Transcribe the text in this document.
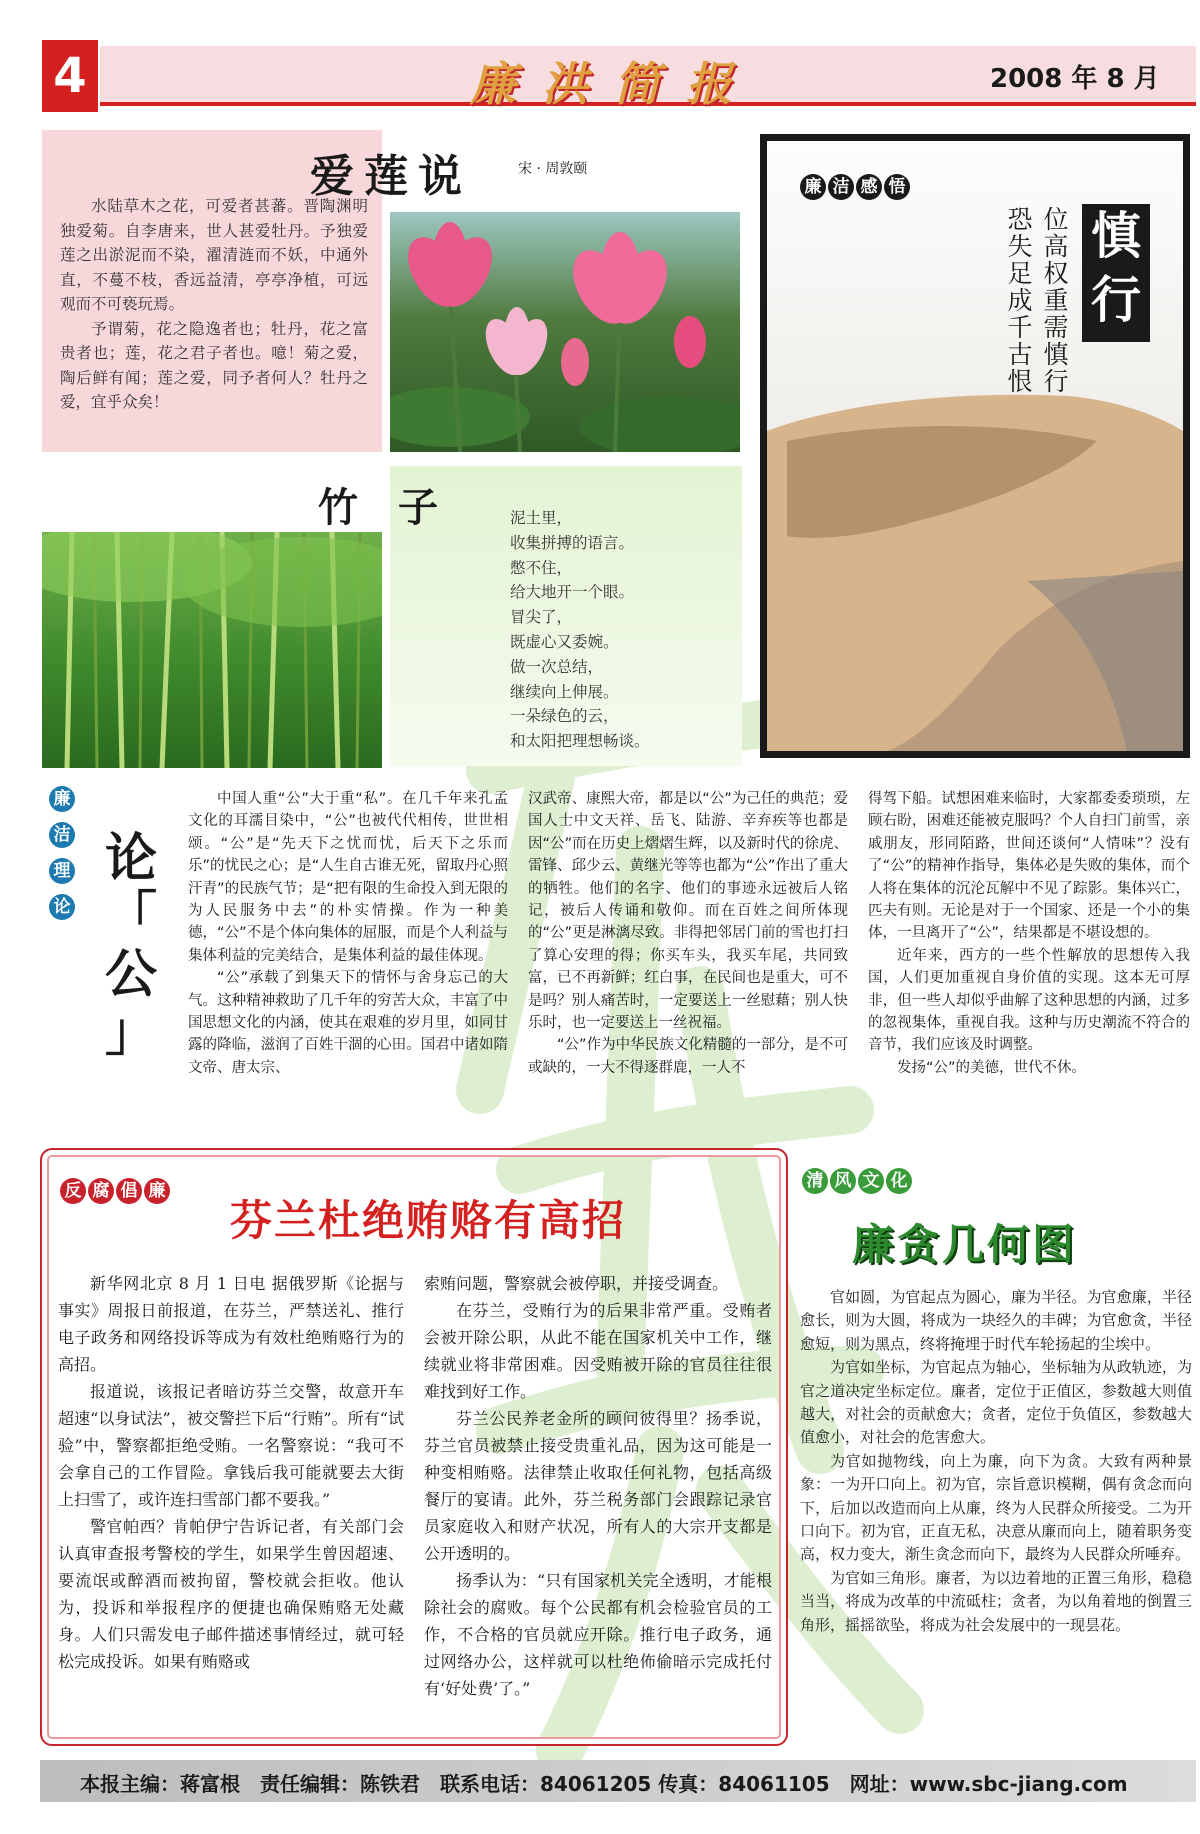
4	廉洪简报	2008 年 8 月
爱莲说	宋 · 周敦颐

水陆草木之花，可爱者甚蕃。晋陶渊明独爱菊。自李唐来，世人甚爱牡丹。予独爱莲之出淤泥而不染，濯清涟而不妖，中通外直，不蔓不枝，香远益清，亭亭净植，可远观而不可亵玩焉。

予谓菊，花之隐逸者也；牡丹，花之富贵者也；莲，花之君子者也。噫！菊之爱，陶后鲜有闻；莲之爱，同予者何人？牡丹之爱，宜乎众矣！

竹　子	泥土里，
收集拼搏的语言。
憋不住，
给大地开一个眼。
冒尖了，
既虚心又委婉。
做一次总结，
继续向上伸展。
一朵绿色的云，
和太阳把理想畅谈。
廉 洁 感 悟
慎
行
位高权重需慎行
恐失足成千古恨
廉 洁 理 论
论
「
公
」

中国人重“公”大于重“私”。在几千年来孔孟文化的耳濡目染中，“公”也被代代相传，世世相颂。“公”是“先天下之忧而忧，后天下之乐而乐”的忧民之心；是“人生自古谁无死，留取丹心照汗青”的民族气节；是“把有限的生命投入到无限的为人民服务中去”的朴实情操。作为一种美德，“公”不是个体向集体的屈服，而是个人利益与集体利益的完美结合，是集体利益的最佳体现。

“公”承载了到集天下的情怀与舍身忘己的大气。这种精神救助了几千年的穷苦大众，丰富了中国思想文化的内涵，使其在艰难的岁月里，如同甘露的降临，滋润了百姓干涸的心田。国君中诸如隋文帝、唐太宗、

汉武帝、康熙大帝，都是以“公”为己任的典范；爱国人士中文天祥、岳飞、陆游、辛弃疾等也都是因“公”而在历史上熠熠生辉，以及新时代的徐虎、雷锋、邱少云、黄继光等等也都为“公”作出了重大的牺牲。他们的名字、他们的事迹永远被后人铭记，被后人传诵和敬仰。而在百姓之间所体现的“公”更是淋漓尽致。非得把邻居门前的雪也打扫了算心安理的得；你买车头，我买车尾，共同致富，已不再新鲜；红白事，在民间也是重大，可不是吗？别人痛苦时，一定要送上一丝慰藉；别人快乐时，也一定要送上一丝祝福。

“公”作为中华民族文化精髓的一部分，是不可或缺的，一大不得逐群鹿，一人不

得驾下船。试想困难来临时，大家都委委琐琐，左顾右盼，困难还能被克服吗？个人自扫门前雪，亲戚朋友，形同陌路，世间还谈何“人情味”？没有了“公”的精神作指导，集体必是失败的集体，而个人将在集体的沉沦瓦解中不见了踪影。集体兴亡，匹夫有则。无论是对于一个国家、还是一个小的集体，一旦离开了“公”，结果都是不堪设想的。

近年来，西方的一些个性解放的思想传入我国，人们更加重视自身价值的实现。这本无可厚非，但一些人却似乎曲解了这种思想的内涵，过多的忽视集体，重视自我。这种与历史潮流不符合的音节，我们应该及时调整。

发扬“公”的美德，世代不休。

反 腐 倡 廉
芬兰杜绝贿赂有高招

新华网北京 8 月 1 日电 据俄罗斯《论据与事实》周报日前报道，在芬兰，严禁送礼、推行电子政务和网络投诉等成为有效杜绝贿赂行为的高招。

报道说，该报记者暗访芬兰交警，故意开车超速“以身试法”，被交警拦下后“行贿”。所有“试验”中，警察都拒绝受贿。一名警察说：“我可不会拿自己的工作冒险。拿钱后我可能就要去大街上扫雪了，或许连扫雪部门都不要我。”

警官帕西？肯帕伊宁告诉记者，有关部门会认真审查报考警校的学生，如果学生曾因超速、要流氓或醉酒而被拘留，警校就会拒收。他认为，投诉和举报程序的便捷也确保贿赂无处藏身。人们只需发电子邮件描述事情经过，就可轻松完成投诉。如果有贿赂或

索贿问题，警察就会被停职，并接受调查。

在芬兰，受贿行为的后果非常严重。受贿者会被开除公职，从此不能在国家机关中工作，继续就业将非常困难。因受贿被开除的官员往往很难找到好工作。

芬兰公民养老金所的顾问彼得里？扬季说，芬兰官员被禁止接受贵重礼品，因为这可能是一种变相贿赂。法律禁止收取任何礼物，包括高级餐厅的宴请。此外，芬兰税务部门会跟踪记录官员家庭收入和财产状况，所有人的大宗开支都是公开透明的。

扬季认为：“只有国家机关完全透明，才能根除社会的腐败。每个公民都有机会检验官员的工作，不合格的官员就应开除。推行电子政务，通过网络办公，这样就可以杜绝佈偷暗示完成托付有‘好处费’了。”

清 风 文 化
廉贪几何图

官如圆，为官起点为圆心，廉为半径。为官愈廉，半径愈长，则为大圆，将成为一块经久的丰碑；为官愈贪，半径愈短，则为黑点，终将掩埋于时代车轮扬起的尘埃中。

为官如坐标，为官起点为轴心，坐标轴为从政轨迹，为官之道决定坐标定位。廉者，定位于正值区，参数越大则值越大，对社会的贡献愈大；贪者，定位于负值区，参数越大值愈小，对社会的危害愈大。

为官如抛物线，向上为廉，向下为贪。大致有两种景象：一为开口向上。初为官，宗旨意识模糊，偶有贪念而向下，后加以改造而向上从廉，终为人民群众所接受。二为开口向下。初为官，正直无私，决意从廉而向上，随着职务变高，权力变大，渐生贪念而向下，最终为人民群众所唾弃。

为官如三角形。廉者，为以边着地的正置三角形，稳稳当当，将成为改革的中流砥柱；贪者，为以角着地的倒置三角形，摇摇欲坠，将成为社会发展中的一现昙花。

本报主编：蒋富根　责任编辑：陈铁君　联系电话：84061205 传真：84061105　网址：www.sbc-jiang.com
